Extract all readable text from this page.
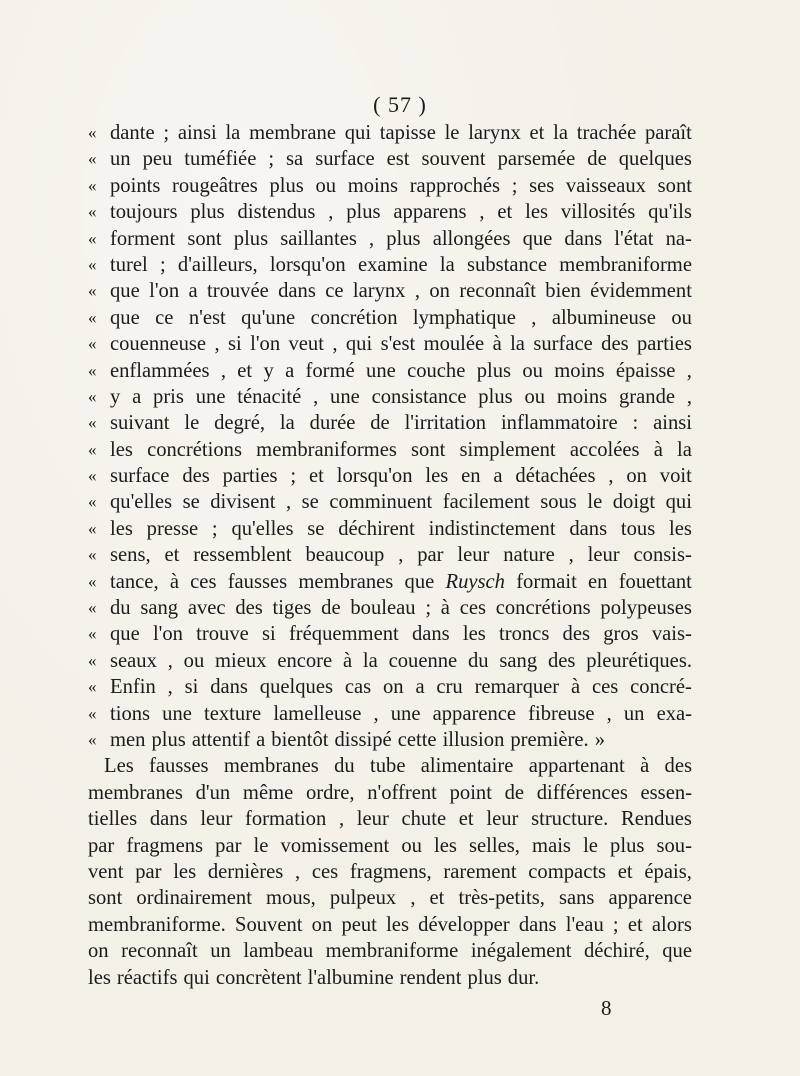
( 57 )
« dante ; ainsi la membrane qui tapisse le larynx et la trachée paraît
« un peu tuméfiée ; sa surface est souvent parsemée de quelques
« points rougeâtres plus ou moins rapprochés ; ses vaisseaux sont
« toujours plus distendus , plus apparens , et les villosités qu'ils
« forment sont plus saillantes , plus allongées que dans l'état na-
« turel ; d'ailleurs, lorsqu'on examine la substance membraniforme
« que l'on a trouvée dans ce larynx , on reconnaît bien évidemment
« que ce n'est qu'une concrétion lymphatique , albumineuse ou
« couenneuse , si l'on veut , qui s'est moulée à la surface des parties
« enflammées , et y a formé une couche plus ou moins épaisse ,
« y a pris une ténacité , une consistance plus ou moins grande ,
« suivant le degré, la durée de l'irritation inflammatoire : ainsi
« les concrétions membraniformes sont simplement accolées à la
« surface des parties ; et lorsqu'on les en a détachées , on voit
« qu'elles se divisent , se comminuent facilement sous le doigt qui
« les presse ; qu'elles se déchirent indistinctement dans tous les
« sens, et ressemblent beaucoup , par leur nature , leur consis-
« tance, à ces fausses membranes que Ruysch formait en fouettant
« du sang avec des tiges de bouleau ; à ces concrétions polypeuses
« que l'on trouve si fréquemment dans les troncs des gros vais-
« seaux , ou mieux encore à la couenne du sang des pleurétiques.
« Enfin , si dans quelques cas on a cru remarquer à ces concré-
« tions une texture lamelleuse , une apparence fibreuse , un exa-
« men plus attentif a bientôt dissipé cette illusion première. »
Les fausses membranes du tube alimentaire appartenant à des
membranes d'un même ordre, n'offrent point de différences essen-
tielles dans leur formation , leur chute et leur structure. Rendues
par fragmens par le vomissement ou les selles, mais le plus sou-
vent par les dernières , ces fragmens, rarement compacts et épais,
sont ordinairement mous, pulpeux , et très-petits, sans apparence
membraniforme. Souvent on peut les développer dans l'eau ; et alors
on reconnaît un lambeau membraniforme inégalement déchiré, que
les réactifs qui concrètent l'albumine rendent plus dur.
8
